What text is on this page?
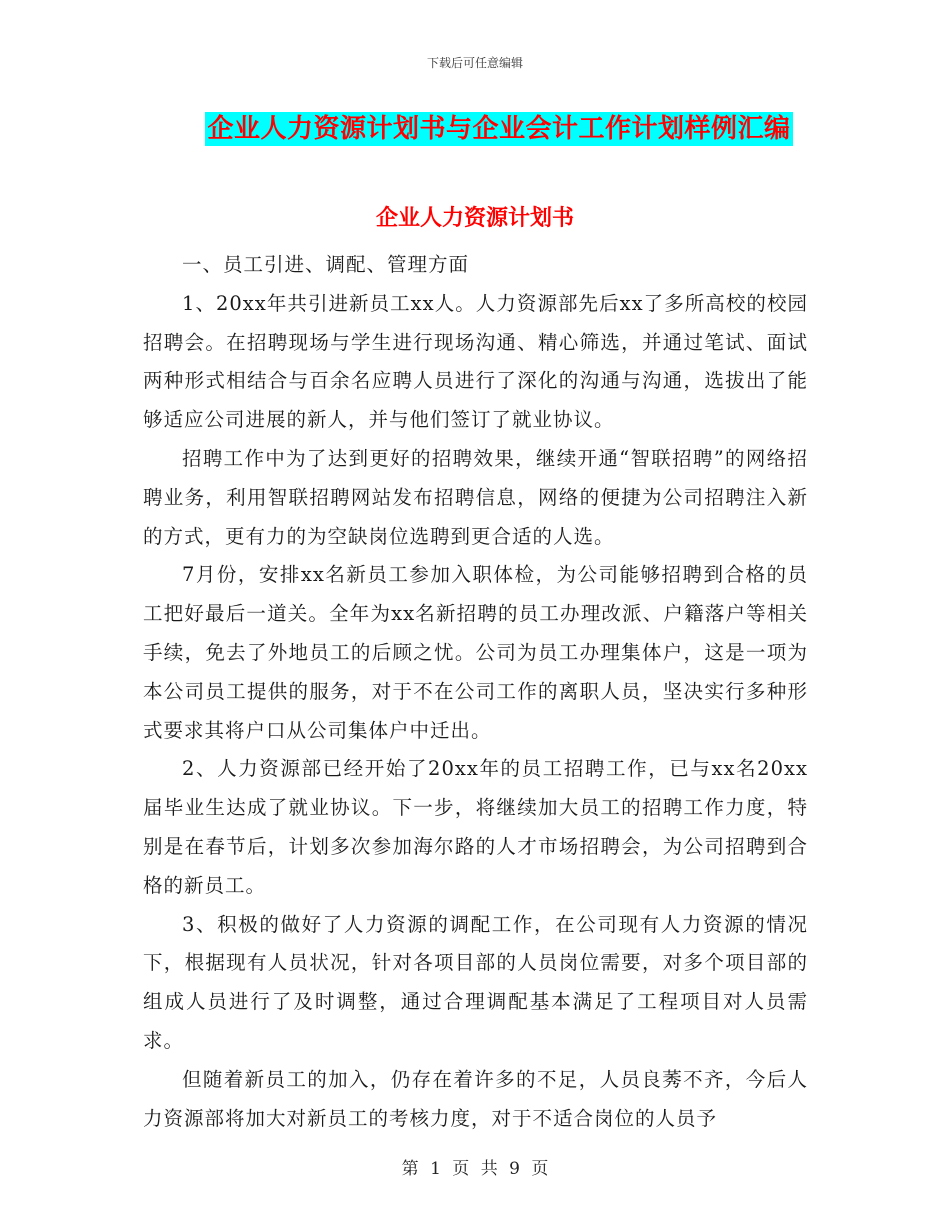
下载后可任意编辑
企业人力资源计划书与企业会计工作计划样例汇编
企业人力资源计划书

一、员工引进、调配、管理方面

1、20xx年共引进新员工xx人。人力资源部先后xx了多所高校的校园招聘会。在招聘现场与学生进行现场沟通、精心筛选，并通过笔试、面试两种形式相结合与百余名应聘人员进行了深化的沟通与沟通，选拔出了能够适应公司进展的新人，并与他们签订了就业协议。

招聘工作中为了达到更好的招聘效果，继续开通“智联招聘”的网络招聘业务，利用智联招聘网站发布招聘信息，网络的便捷为公司招聘注入新的方式，更有力的为空缺岗位选聘到更合适的人选。

7月份，安排xx名新员工参加入职体检，为公司能够招聘到合格的员工把好最后一道关。全年为xx名新招聘的员工办理改派、户籍落户等相关手续，免去了外地员工的后顾之忧。公司为员工办理集体户，这是一项为本公司员工提供的服务，对于不在公司工作的离职人员，坚决实行多种形式要求其将户口从公司集体户中迁出。

2、人力资源部已经开始了20xx年的员工招聘工作，已与xx名20xx届毕业生达成了就业协议。下一步，将继续加大员工的招聘工作力度，特别是在春节后，计划多次参加海尔路的人才市场招聘会，为公司招聘到合格的新员工。

3、积极的做好了人力资源的调配工作，在公司现有人力资源的情况下，根据现有人员状况，针对各项目部的人员岗位需要，对多个项目部的组成人员进行了及时调整，通过合理调配基本满足了工程项目对人员需求。

但随着新员工的加入，仍存在着许多的不足，人员良莠不齐，今后人力资源部将加大对新员工的考核力度，对于不适合岗位的人员予

第 1 页 共 9 页
